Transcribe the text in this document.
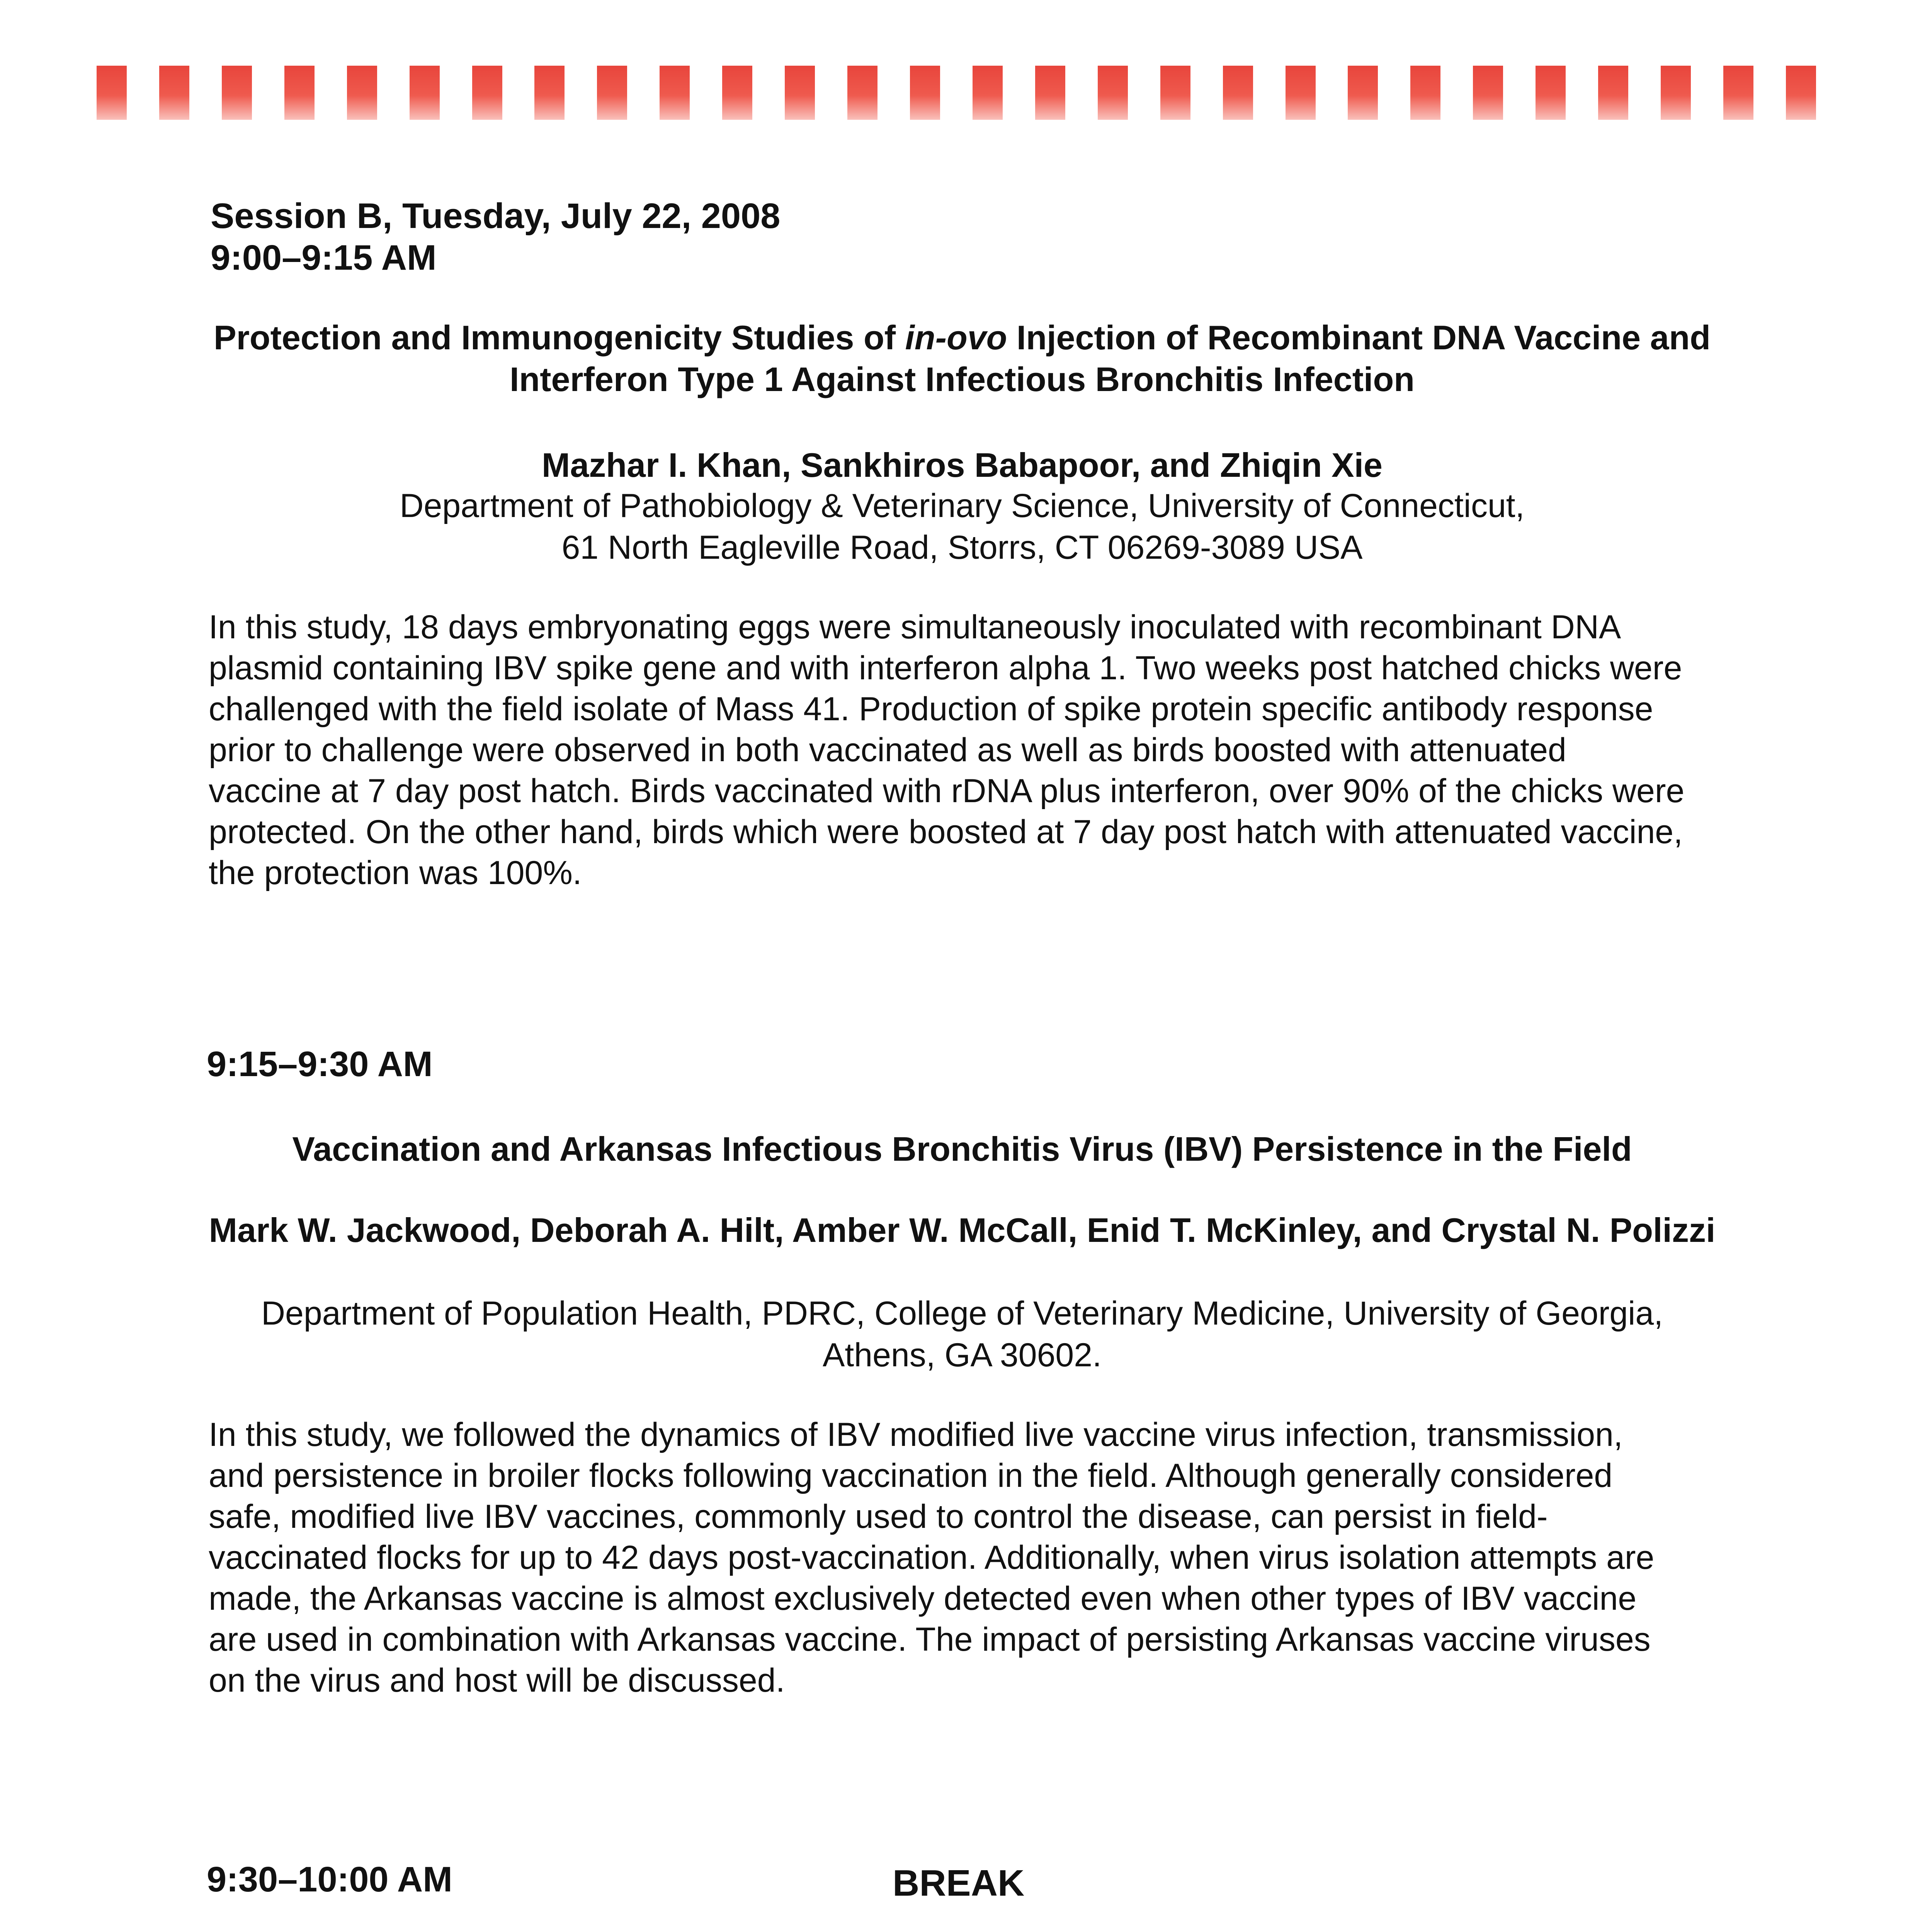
Session B, Tuesday, July 22, 2008
9:00–9:15 AM
Protection and Immunogenicity Studies of in-ovo Injection of Recombinant DNA Vaccine and Interferon Type 1 Against Infectious Bronchitis Infection
Mazhar I. Khan, Sankhiros Babapoor, and Zhiqin Xie
Department of Pathobiology & Veterinary Science, University of Connecticut,
61 North Eagleville Road, Storrs, CT 06269-3089 USA
In this study, 18 days embryonating eggs were simultaneously inoculated with recombinant DNA plasmid containing IBV spike gene and with interferon alpha 1. Two weeks post hatched chicks were challenged with the field isolate of Mass 41. Production of spike protein specific antibody response prior to challenge were observed in both vaccinated as well as birds boosted with attenuated vaccine at 7 day post hatch. Birds vaccinated with rDNA plus interferon, over 90% of the chicks were protected. On the other hand, birds which were boosted at 7 day post hatch with attenuated vaccine, the protection was 100%.
9:15–9:30 AM
Vaccination and Arkansas Infectious Bronchitis Virus (IBV) Persistence in the Field
Mark W. Jackwood, Deborah A. Hilt, Amber W. McCall, Enid T. McKinley, and Crystal N. Polizzi
Department of Population Health, PDRC, College of Veterinary Medicine, University of Georgia,
Athens, GA 30602.
In this study, we followed the dynamics of IBV modified live vaccine virus infection, transmission, and persistence in broiler flocks following vaccination in the field. Although generally considered safe, modified live IBV vaccines, commonly used to control the disease, can persist in field-vaccinated flocks for up to 42 days post-vaccination. Additionally, when virus isolation attempts are made, the Arkansas vaccine is almost exclusively detected even when other types of IBV vaccine are used in combination with Arkansas vaccine. The impact of persisting Arkansas vaccine viruses on the virus and host will be discussed.
9:30–10:00 AM	BREAK
